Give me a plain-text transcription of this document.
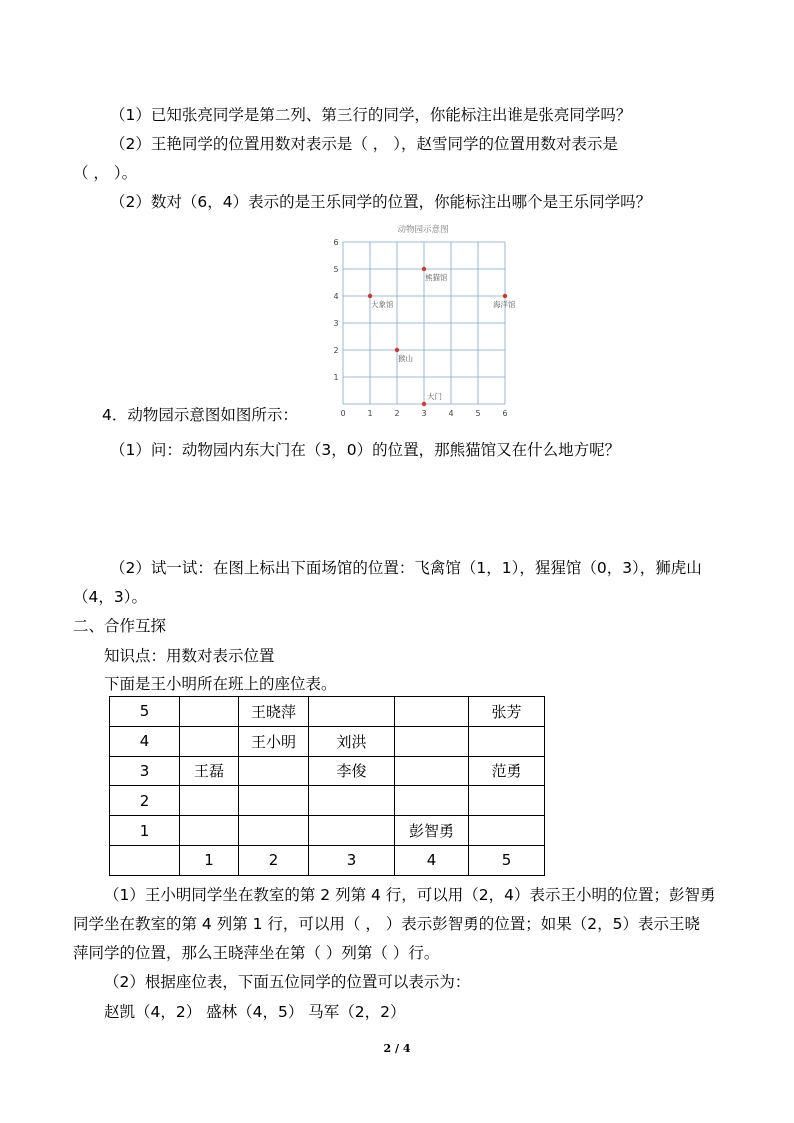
（1）已知张亮同学是第二列、第三行的同学，你能标注出谁是张亮同学吗？
（2）王艳同学的位置用数对表示是（ ， ），赵雪同学的位置用数对表示是
（ ， ）。
（2）数对（6，4）表示的是王乐同学的位置，你能标注出哪个是王乐同学吗？
动物园示意图
0	1	2	3	4	5	6
1
2
3
4
5
6
熊猫馆
大象馆	海洋馆
猴山
大门
4．动物园示意图如图所示：
（1）问：动物园内东大门在（3，0）的位置，那熊猫馆又在什么地方呢？
（2）试一试：在图上标出下面场馆的位置：飞禽馆（1，1），猩猩馆（0，3），狮虎山
（4，3）。
二、合作互探
知识点：用数对表示位置
下面是王小明所在班上的座位表。
5		王晓萍			张芳
4		王小明	刘洪		
3	王磊		李俊		范勇
2					
1				彭智勇	
	1	2	3	4	5
（1）王小明同学坐在教室的第 2 列第 4 行，可以用（2，4）表示王小明的位置；彭智勇
同学坐在教室的第 4 列第 1 行，可以用（ ， ）表示彭智勇的位置；如果（2，5）表示王晓
萍同学的位置，那么王晓萍坐在第（ ）列第（ ）行。
（2）根据座位表，下面五位同学的位置可以表示为：
赵凯（4，2） 盛林（4，5） 马军（2，2）
2 / 4
